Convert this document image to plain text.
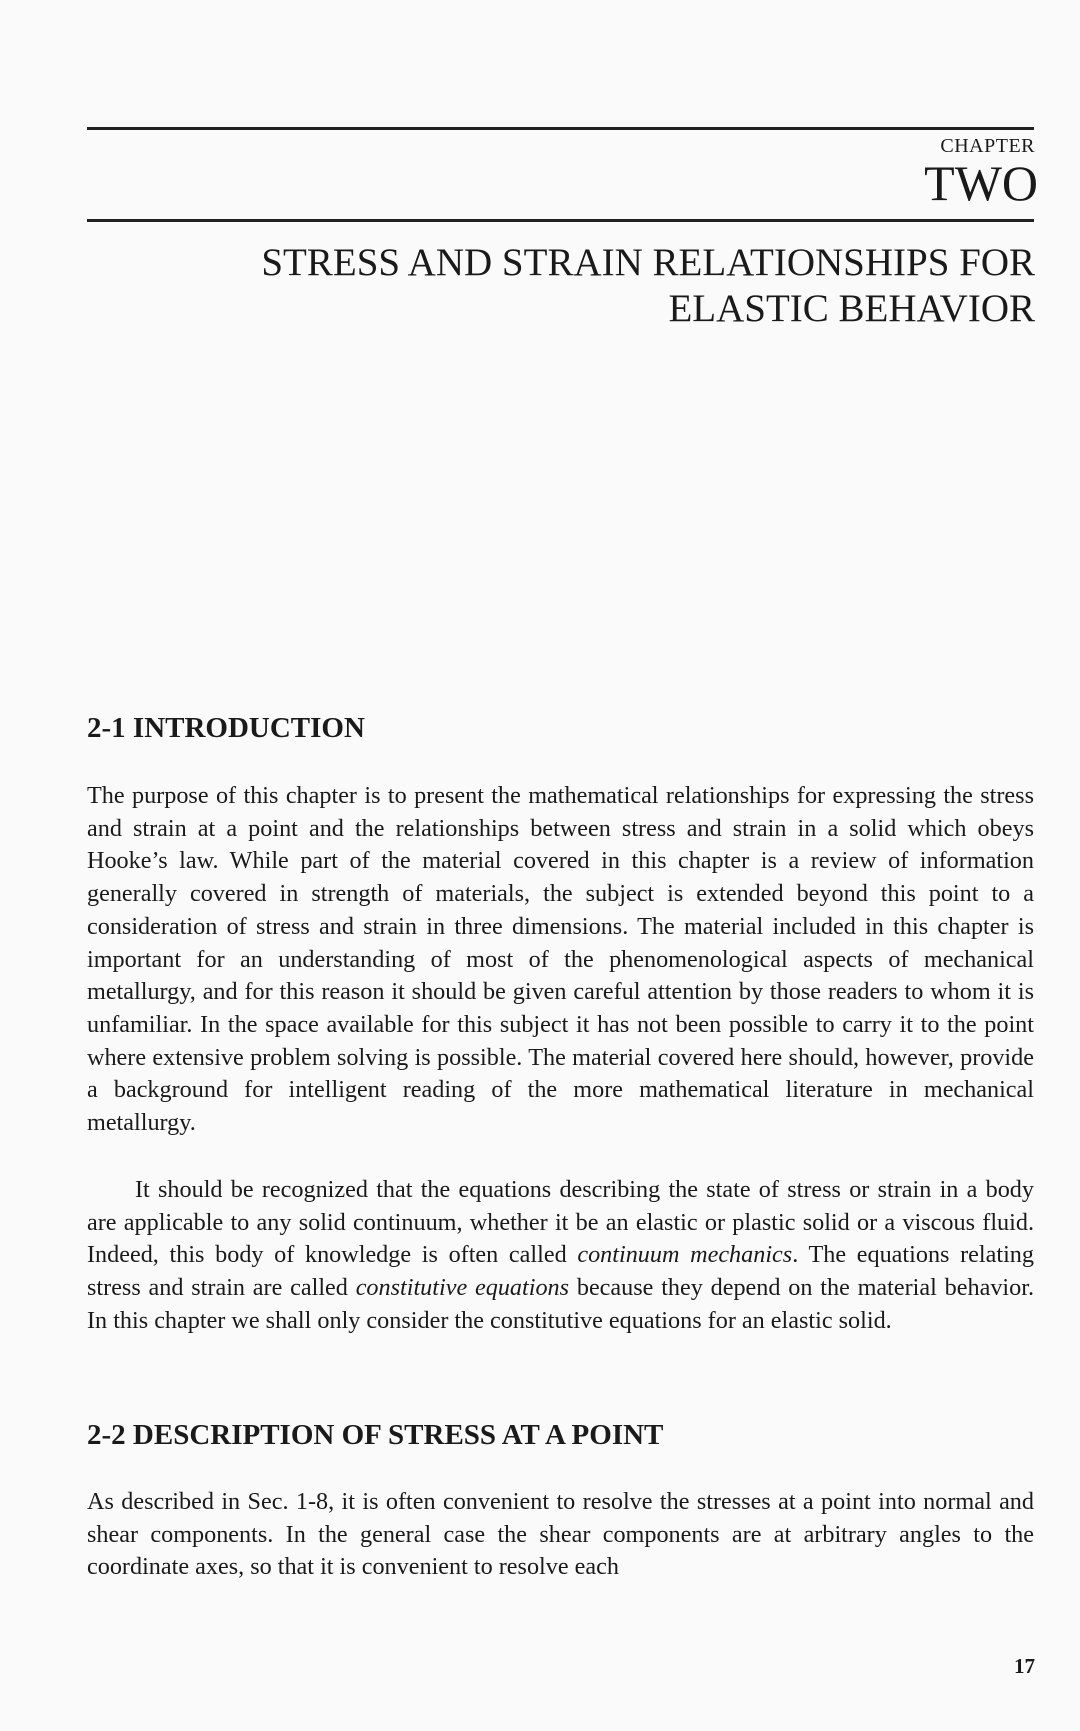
CHAPTER
TWO
STRESS AND STRAIN RELATIONSHIPS FOR ELASTIC BEHAVIOR
2-1 INTRODUCTION

The purpose of this chapter is to present the mathematical relationships for expressing the stress and strain at a point and the relationships between stress and strain in a solid which obeys Hooke’s law. While part of the material covered in this chapter is a review of information generally covered in strength of materials, the subject is extended beyond this point to a consideration of stress and strain in three dimensions. The material included in this chapter is important for an understanding of most of the phenomenological aspects of mechanical metallurgy, and for this reason it should be given careful attention by those readers to whom it is unfamiliar. In the space available for this subject it has not been possible to carry it to the point where extensive problem solving is possible. The material covered here should, however, provide a background for intelligent reading of the more mathematical literature in mechanical metallurgy.

It should be recognized that the equations describing the state of stress or strain in a body are applicable to any solid continuum, whether it be an elastic or plastic solid or a viscous fluid. Indeed, this body of knowledge is often called continuum mechanics. The equations relating stress and strain are called constitutive equations because they depend on the material behavior. In this chapter we shall only consider the constitutive equations for an elastic solid.

2-2 DESCRIPTION OF STRESS AT A POINT

As described in Sec. 1-8, it is often convenient to resolve the stresses at a point into normal and shear components. In the general case the shear components are at arbitrary angles to the coordinate axes, so that it is convenient to resolve each

17
